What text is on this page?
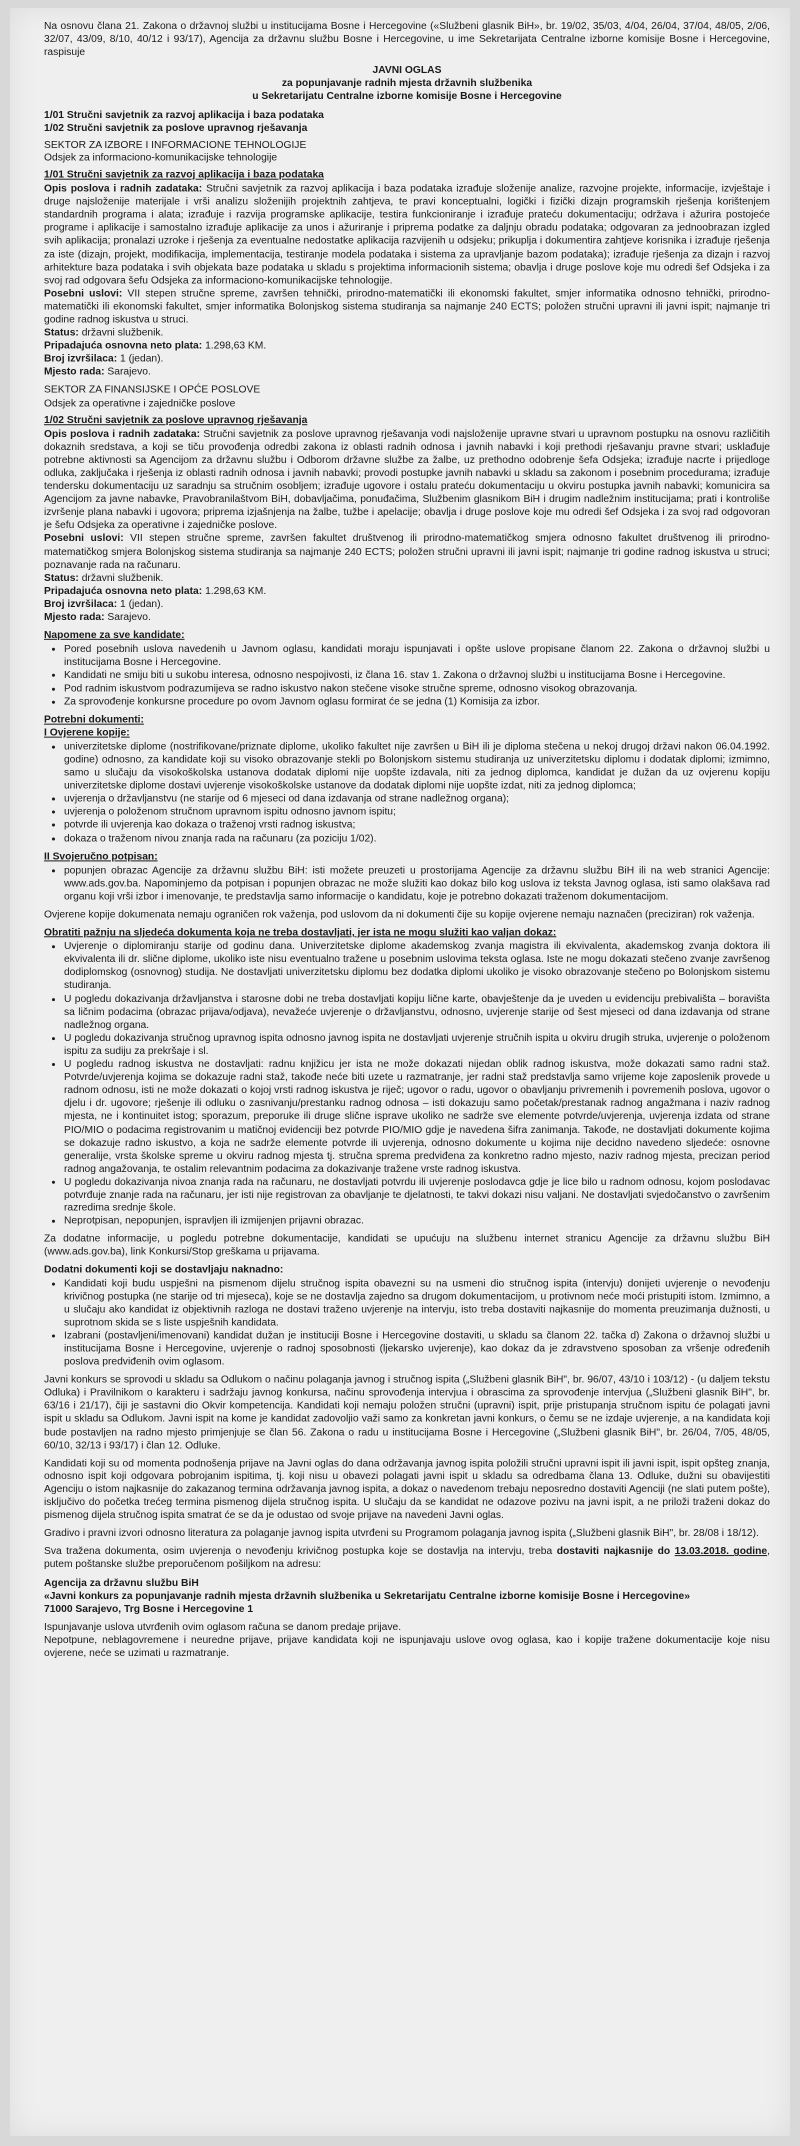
Na osnovu člana 21. Zakona o državnoj službi u institucijama Bosne i Hercegovine («Službeni glasnik BiH», br. 19/02, 35/03, 4/04, 26/04, 37/04, 48/05, 2/06, 32/07, 43/09, 8/10, 40/12 i 93/17), Agencija za državnu službu Bosne i Hercegovine, u ime Sekretarijata Centralne izborne komisije Bosne i Hercegovine, raspisuje

JAVNI OGLAS

za popunjavanje radnih mjesta državnih službenika

u Sekretarijatu Centralne izborne komisije Bosne i Hercegovine

1/01 Stručni savjetnik za razvoj aplikacija i baza podataka

1/02 Stručni savjetnik za poslove upravnog rješavanja

SEKTOR ZA IZBORE I INFORMACIONE TEHNOLOGIJE

Odsjek za informaciono-komunikacijske tehnologije

1/01 Stručni savjetnik za razvoj aplikacija i baza podataka

Opis poslova i radnih zadataka: Stručni savjetnik za razvoj aplikacija i baza podataka izrađuje složenije analize, razvojne projekte, informacije, izvještaje i druge najsloženije materijale i vrši analizu složenijih projektnih zahtjeva, te pravi konceptualni, logički i fizički dizajn programskih rješenja korištenjem standardnih programa i alata; izrađuje i razvija programske aplikacije, testira funkcioniranje i izrađuje prateću dokumentaciju; održava i ažurira postojeće programe i aplikacije i samostalno izrađuje aplikacije za unos i ažuriranje i priprema podatke za daljnju obradu podataka; odgovaran za jednoobrazan izgled svih aplikacija; pronalazi uzroke i rješenja za eventualne nedostatke aplikacija razvijenih u odsjeku; prikuplja i dokumentira zahtjeve korisnika i izrađuje rješenja za iste (dizajn, projekt, modifikacija, implementacija, testiranje modela podataka i sistema za upravljanje bazom podataka); izrađuje rješenja za dizajn i razvoj arhitekture baza podataka i svih objekata baze podataka u skladu s projektima informacionih sistema; obavlja i druge poslove koje mu odredi šef Odsjeka i za svoj rad odgovara šefu Odsjeka za informaciono-komunikacijske tehnologije.

Posebni uslovi: VII stepen stručne spreme, završen tehnički, prirodno-matematički ili ekonomski fakultet, smjer informatika odnosno tehnički, prirodno-matematički ili ekonomski fakultet, smjer informatika Bolonjskog sistema studiranja sa najmanje 240 ECTS; položen stručni upravni ili javni ispit; najmanje tri godine radnog iskustva u struci.

Status: državni službenik.

Pripadajuća osnovna neto plata: 1.298,63 KM.

Broj izvršilaca: 1 (jedan).

Mjesto rada: Sarajevo.

SEKTOR ZA FINANSIJSKE I OPĆE POSLOVE

Odsjek za operativne i zajedničke poslove

1/02 Stručni savjetnik za poslove upravnog rješavanja

Opis poslova i radnih zadataka: Stručni savjetnik za poslove upravnog rješavanja vodi najsloženije upravne stvari u upravnom postupku na osnovu različitih dokaznih sredstava, a koji se tiču provođenja odredbi zakona iz oblasti radnih odnosa i javnih nabavki i koji prethodi rješavanju pravne stvari; usklađuje potrebne aktivnosti sa Agencijom za državnu službu i Odborom državne službe za žalbe, uz prethodno odobrenje šefa Odsjeka; izrađuje nacrte i prijedloge odluka, zaključaka i rješenja iz oblasti radnih odnosa i javnih nabavki; provodi postupke javnih nabavki u skladu sa zakonom i posebnim procedurama; izrađuje tendersku dokumentaciju uz saradnju sa stručnim osobljem; izrađuje ugovore i ostalu prateću dokumentaciju u okviru postupka javnih nabavki; komunicira sa Agencijom za javne nabavke, Pravobranilaštvom BiH, dobavljačima, ponuđačima, Službenim glasnikom BiH i drugim nadležnim institucijama; prati i kontroliše izvršenje plana nabavki i ugovora; priprema izjašnjenja na žalbe, tužbe i apelacije; obavlja i druge poslove koje mu odredi šef Odsjeka i za svoj rad odgovoran je šefu Odsjeka za operativne i zajedničke poslove.

Posebni uslovi: VII stepen stručne spreme, završen fakultet društvenog ili prirodno-matematičkog smjera odnosno fakultet društvenog ili prirodno-matematičkog smjera Bolonjskog sistema studiranja sa najmanje 240 ECTS; položen stručni upravni ili javni ispit; najmanje tri godine radnog iskustva u struci; poznavanje rada na računaru.

Status: državni službenik.

Pripadajuća osnovna neto plata: 1.298,63 KM.

Broj izvršilaca: 1 (jedan).

Mjesto rada: Sarajevo.

Napomene za sve kandidate:

• Pored posebnih uslova navedenih u Javnom oglasu, kandidati moraju ispunjavati i opšte uslove propisane članom 22. Zakona o državnoj službi u institucijama Bosne i Hercegovine.
• Kandidati ne smiju biti u sukobu interesa, odnosno nespojivosti, iz člana 16. stav 1. Zakona o državnoj službi u institucijama Bosne i Hercegovine.
• Pod radnim iskustvom podrazumijeva se radno iskustvo nakon stečene visoke stručne spreme, odnosno visokog obrazovanja.
• Za sprovođenje konkursne procedure po ovom Javnom oglasu formirat će se jedna (1) Komisija za izbor.

Potrebni dokumenti:

I Ovjerene kopije:

• univerzitetske diplome (nostrifikovane/priznate diplome, ukoliko fakultet nije završen u BiH ili je diploma stečena u nekoj drugoj državi nakon 06.04.1992. godine) odnosno, za kandidate koji su visoko obrazovanje stekli po Bolonjskom sistemu studiranja uz univerzitetsku diplomu i dodatak diplomi; izmimno, samo u slučaju da visokoškolska ustanova dodatak diplomi nije uopšte izdavala, niti za jednog diplomca, kandidat je dužan da uz ovjerenu kopiju univerzitetske diplome dostavi uvjerenje visokoškolske ustanove da dodatak diplomi nije uopšte izdat, niti za jednog diplomca;
• uvjerenja o državljanstvu (ne starije od 6 mjeseci od dana izdavanja od strane nadležnog organa);
• uvjerenja o položenom stručnom upravnom ispitu odnosno javnom ispitu;
• potvrde ili uvjerenja kao dokaza o traženoj vrsti radnog iskustva;
• dokaza o traženom nivou znanja rada na računaru (za poziciju 1/02).

II Svojeručno potpisan:

• popunjen obrazac Agencije za državnu službu BiH: isti možete preuzeti u prostorijama Agencije za državnu službu BiH ili na web stranici Agencije: www.ads.gov.ba. Napominjemo da potpisan i popunjen obrazac ne može služiti kao dokaz bilo kog uslova iz teksta Javnog oglasa, isti samo olakšava rad organu koji vrši izbor i imenovanje, te predstavlja samo informacije o kandidatu, koje je potrebno dokazati traženom dokumentacijom.

Ovjerene kopije dokumenata nemaju ograničen rok važenja, pod uslovom da ni dokumenti čije su kopije ovjerene nemaju naznačen (preciziran) rok važenja.

Obratiti pažnju na sljedeća dokumenta koja ne treba dostavljati, jer ista ne mogu služiti kao valjan dokaz:

• Uvjerenje o diplomiranju starije od godinu dana. Univerzitetske diplome akademskog zvanja magistra ili ekvivalenta, akademskog zvanja doktora ili ekvivalenta ili dr. slične diplome, ukoliko iste nisu eventualno tražene u posebnim uslovima teksta oglasa. Iste ne mogu dokazati stečeno zvanje završenog dodiplomskog (osnovnog) studija. Ne dostavljati univerzitetsku diplomu bez dodatka diplomi ukoliko je visoko obrazovanje stečeno po Bolonjskom sistemu studiranja.
• U pogledu dokazivanja državljanstva i starosne dobi ne treba dostavljati kopiju lične karte, obavještenje da je uveden u evidenciju prebivališta – boravišta sa ličnim podacima (obrazac prijava/odjava), nevažeće uvjerenje o državljanstvu, odnosno, uvjerenje starije od šest mjeseci od dana izdavanja od strane nadležnog organa.
• U pogledu dokazivanja stručnog upravnog ispita odnosno javnog ispita ne dostavljati uvjerenje stručnih ispita u okviru drugih struka, uvjerenje o položenom ispitu za sudiju za prekršaje i sl.
• U pogledu radnog iskustva ne dostavljati: radnu knjižicu jer ista ne može dokazati nijedan oblik radnog iskustva, može dokazati samo radni staž. Potvrde/uvjerenja kojima se dokazuje radni staž, takođe neće biti uzete u razmatranje, jer radni staž predstavlja samo vrijeme koje zaposlenik provede u radnom odnosu, isti ne može dokazati o kojoj vrsti radnog iskustva je riječ; ugovor o radu, ugovor o obavljanju privremenih i povremenih poslova, ugovor o djelu i dr. ugovore; rješenje ili odluku o zasnivanju/prestanku radnog odnosa – isti dokazuju samo početak/prestanak radnog angažmana i naziv radnog mjesta, ne i kontinuitet istog; sporazum, preporuke ili druge slične isprave ukoliko ne sadrže sve elemente potvrde/uvjerenja, uvjerenja izdata od strane PIO/MIO o podacima registrovanim u matičnoj evidenciji bez potvrde PIO/MIO gdje je navedena šifra zanimanja. Takođe, ne dostavljati dokumente kojima se dokazuje radno iskustvo, a koja ne sadrže elemente potvrde ili uvjerenja, odnosno dokumente u kojima nije decidno navedeno sljedeće: osnovne generalije, vrsta školske spreme u okviru radnog mjesta tj. stručna sprema predviđena za konkretno radno mjesto, naziv radnog mjesta, precizan period radnog angažovanja, te ostalim relevantnim podacima za dokazivanje tražene vrste radnog iskustva.
• U pogledu dokazivanja nivoa znanja rada na računaru, ne dostavljati potvrdu ili uvjerenje poslodavca gdje je lice bilo u radnom odnosu, kojom poslodavac potvrđuje znanje rada na računaru, jer isti nije registrovan za obavljanje te djelatnosti, te takvi dokazi nisu valjani. Ne dostavljati svjedočanstvo o završenim razredima srednje škole.
• Neprotpisan, nepopunjen, ispravljen ili izmijenjen prijavni obrazac.

Za dodatne informacije, u pogledu potrebne dokumentacije, kandidati se upućuju na službenu internet stranicu Agencije za državnu službu BiH (www.ads.gov.ba), link Konkursi/Stop greškama u prijavama.

Dodatni dokumenti koji se dostavljaju naknadno:

• Kandidati koji budu uspješni na pismenom dijelu stručnog ispita obavezni su na usmeni dio stručnog ispita (intervju) donijeti uvjerenje o nevođenju krivičnog postupka (ne starije od tri mjeseca), koje se ne dostavlja zajedno sa drugom dokumentacijom, u protivnom neće moći pristupiti istom. Izmimno, a u slučaju ako kandidat iz objektivnih razloga ne dostavi traženo uvjerenje na intervju, isto treba dostaviti najkasnije do momenta preuzimanja dužnosti, u suprotnom skida se s liste uspješnih kandidata.
• Izabrani (postavljeni/imenovani) kandidat dužan je instituciji Bosne i Hercegovine dostaviti, u skladu sa članom 22. tačka d) Zakona o državnoj službi u institucijama Bosne i Hercegovine, uvjerenje o radnoj sposobnosti (ljekarsko uvjerenje), kao dokaz da je zdravstveno sposoban za vršenje određenih poslova predviđenih ovim oglasom.

Javni konkurs se sprovodi u skladu sa Odlukom o načinu polaganja javnog i stručnog ispita („Službeni glasnik BiH", br. 96/07, 43/10 i 103/12) - (u daljem tekstu Odluka) i Pravilnikom o karakteru i sadržaju javnog konkursa, načinu sprovođenja intervjua i obrascima za sprovođenje intervjua („Službeni glasnik BiH", br. 63/16 i 21/17), čiji je sastavni dio Okvir kompetencija. Kandidati koji nemaju položen stručni (upravni) ispit, prije pristupanja stručnom ispitu će polagati javni ispit u skladu sa Odlukom. Javni ispit na kome je kandidat zadovoljio važi samo za konkretan javni konkurs, o čemu se ne izdaje uvjerenje, a na kandidata koji bude postavljen na radno mjesto primjenjuje se član 56. Zakona o radu u institucijama Bosne i Hercegovine („Službeni glasnik BiH", br. 26/04, 7/05, 48/05, 60/10, 32/13 i 93/17) i član 12. Odluke.

Kandidati koji su od momenta podnošenja prijave na Javni oglas do dana održavanja javnog ispita položili stručni upravni ispit ili javni ispit, ispit opšteg znanja, odnosno ispit koji odgovara pobrojanim ispitima, tj. koji nisu u obavezi polagati javni ispit u skladu sa odredbama člana 13. Odluke, dužni su obavijestiti Agenciju o istom najkasnije do zakazanog termina održavanja javnog ispita, a dokaz o navedenom trebaju neposredno dostaviti Agenciji (ne slati putem pošte), isključivo do početka trećeg termina pismenog dijela stručnog ispita. U slučaju da se kandidat ne odazove pozivu na javni ispit, a ne priloži traženi dokaz do pismenog dijela stručnog ispita smatrat će se da je odustao od svoje prijave na navedeni Javni oglas.

Gradivo i pravni izvori odnosno literatura za polaganje javnog ispita utvrđeni su Programom polaganja javnog ispita („Službeni glasnik BiH", br. 28/08 i 18/12).

Sva tražena dokumenta, osim uvjerenja o nevođenju krivičnog postupka koje se dostavlja na intervju, treba dostaviti najkasnije do 13.03.2018. godine, putem poštanske službe preporučenom pošiljkom na adresu:

Agencija za državnu službu BiH

«Javni konkurs za popunjavanje radnih mjesta državnih službenika u Sekretarijatu Centralne izborne komisije Bosne i Hercegovine»

71000 Sarajevo, Trg Bosne i Hercegovine 1

Ispunjavanje uslova utvrđenih ovim oglasom računa se danom predaje prijave.

Nepotpune, neblagovremene i neuredne prijave, prijave kandidata koji ne ispunjavaju uslove ovog oglasa, kao i kopije tražene dokumentacije koje nisu ovjerene, neće se uzimati u razmatranje.
